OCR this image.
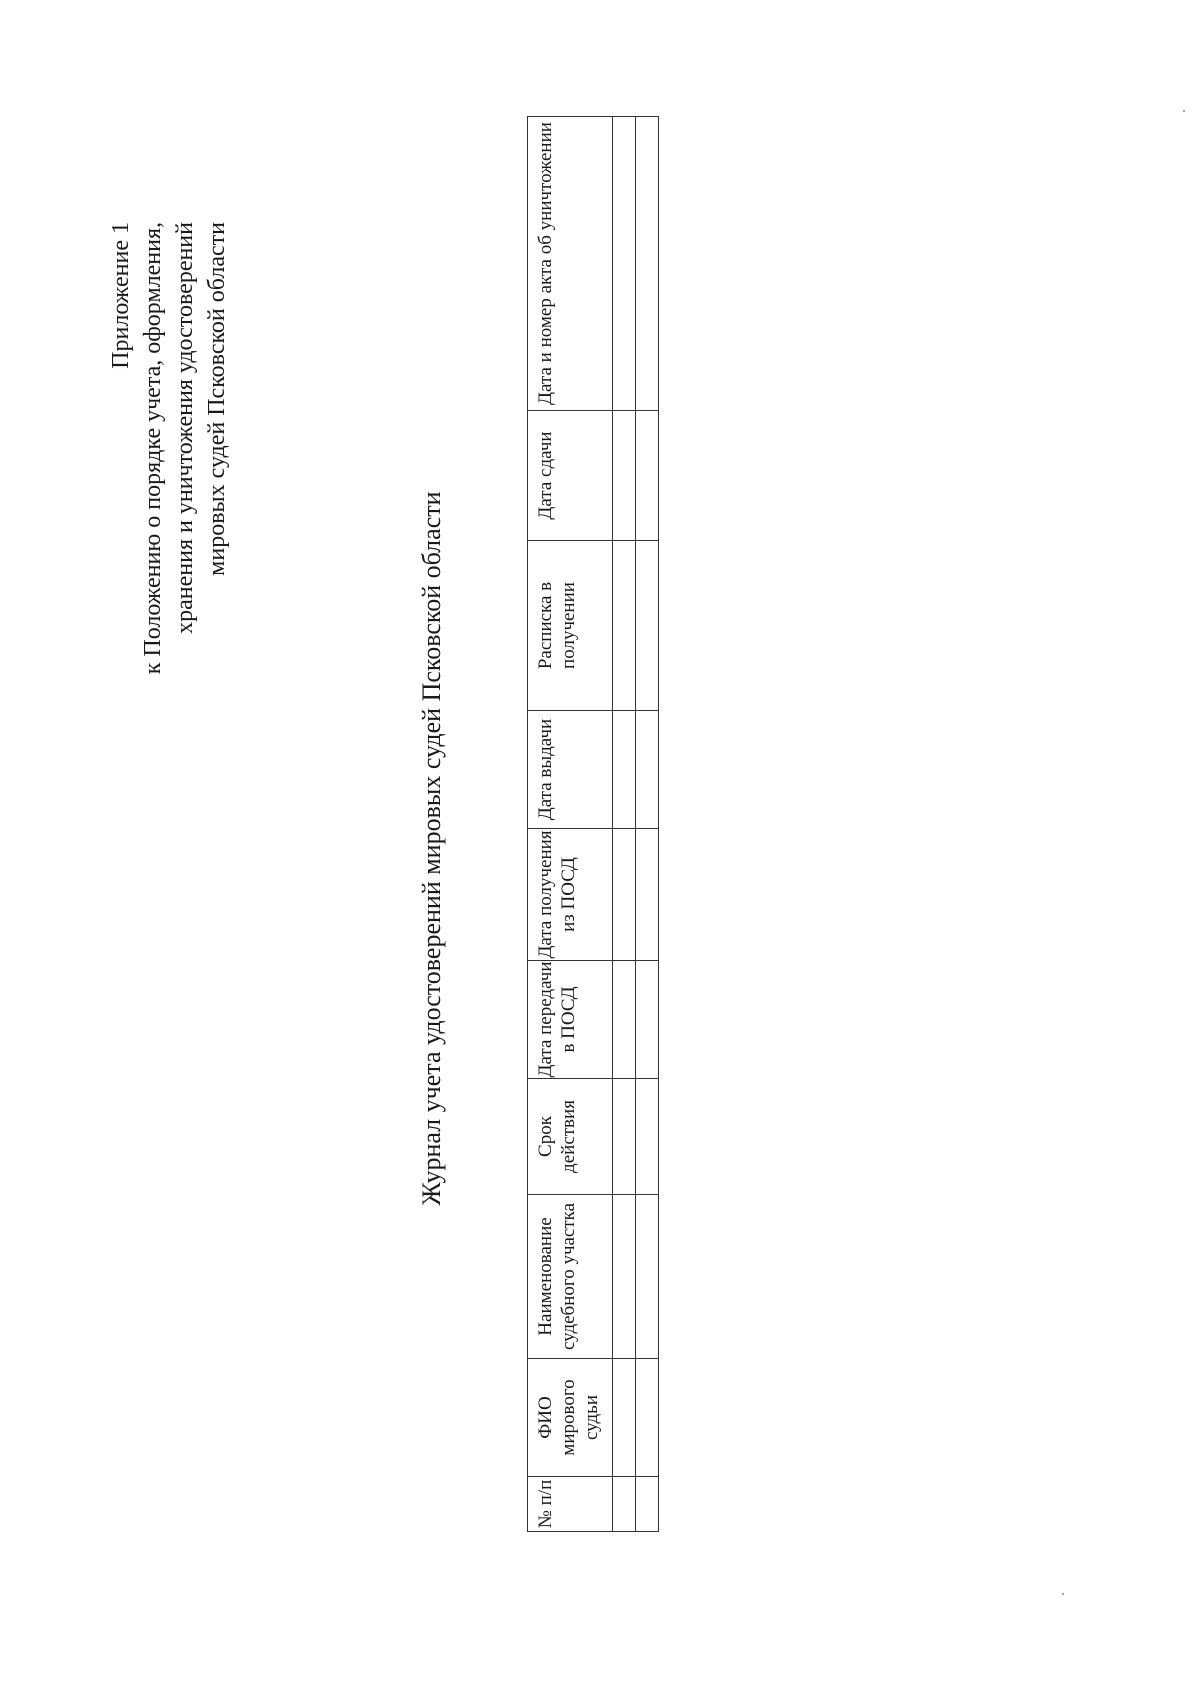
Приложение 1 к Положению о порядке учета, оформления, хранения и уничтожения удостоверений мировых судей Псковской области
Журнал учета удостоверений мировых судей Псковской области
№ п/п	ФИО мирового судьи	Наименование судебного участка	Срок действия	Дата передачи в ПОСД	Дата получения из ПОСД	Дата выдачи	Расписка в получении	Дата сдачи	Дата и номер акта об уничтожении
